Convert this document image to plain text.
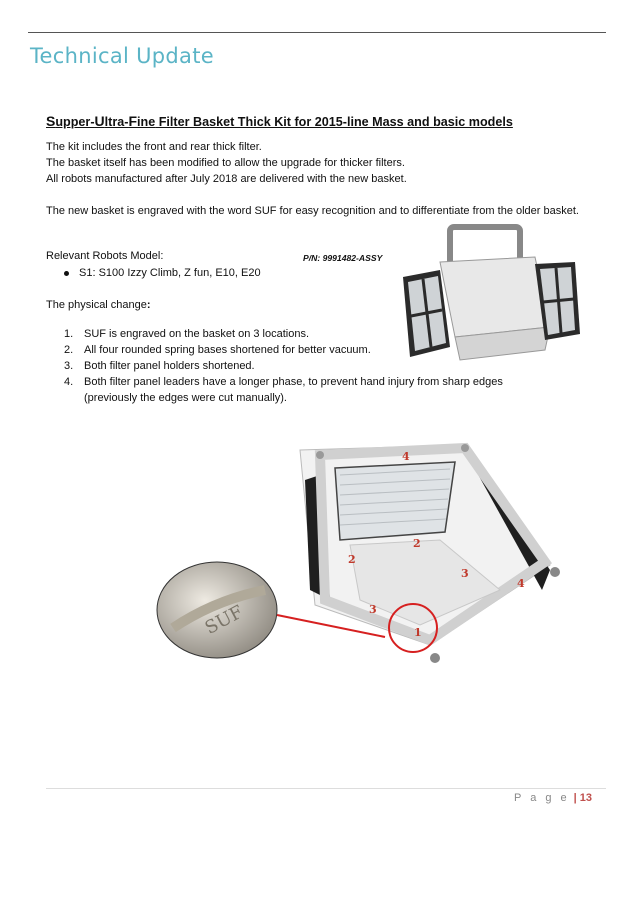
Technical Update
Supper-Ultra-Fine Filter Basket Thick Kit for 2015-line Mass and basic models
The kit includes the front and rear thick filter.
The basket itself has been modified to allow the upgrade for thicker filters.
All robots manufactured after July 2018 are delivered with the new basket.
The new basket is engraved with the word SUF for easy recognition and to differentiate from the older basket.
Relevant Robots Model:
S1: S100 Izzy Climb, Z fun, E10, E20
P/N: 9991482-ASSY
The physical change:
1. SUF is engraved on the basket on 3 locations.
2. All four rounded spring bases shortened for better vacuum.
3. Both filter panel holders shortened.
4. Both filter panel leaders have a longer phase, to prevent hand injury from sharp edges (previously the edges were cut manually).
4
2
2
3
4
3
1
SUF
P a g e | 13
